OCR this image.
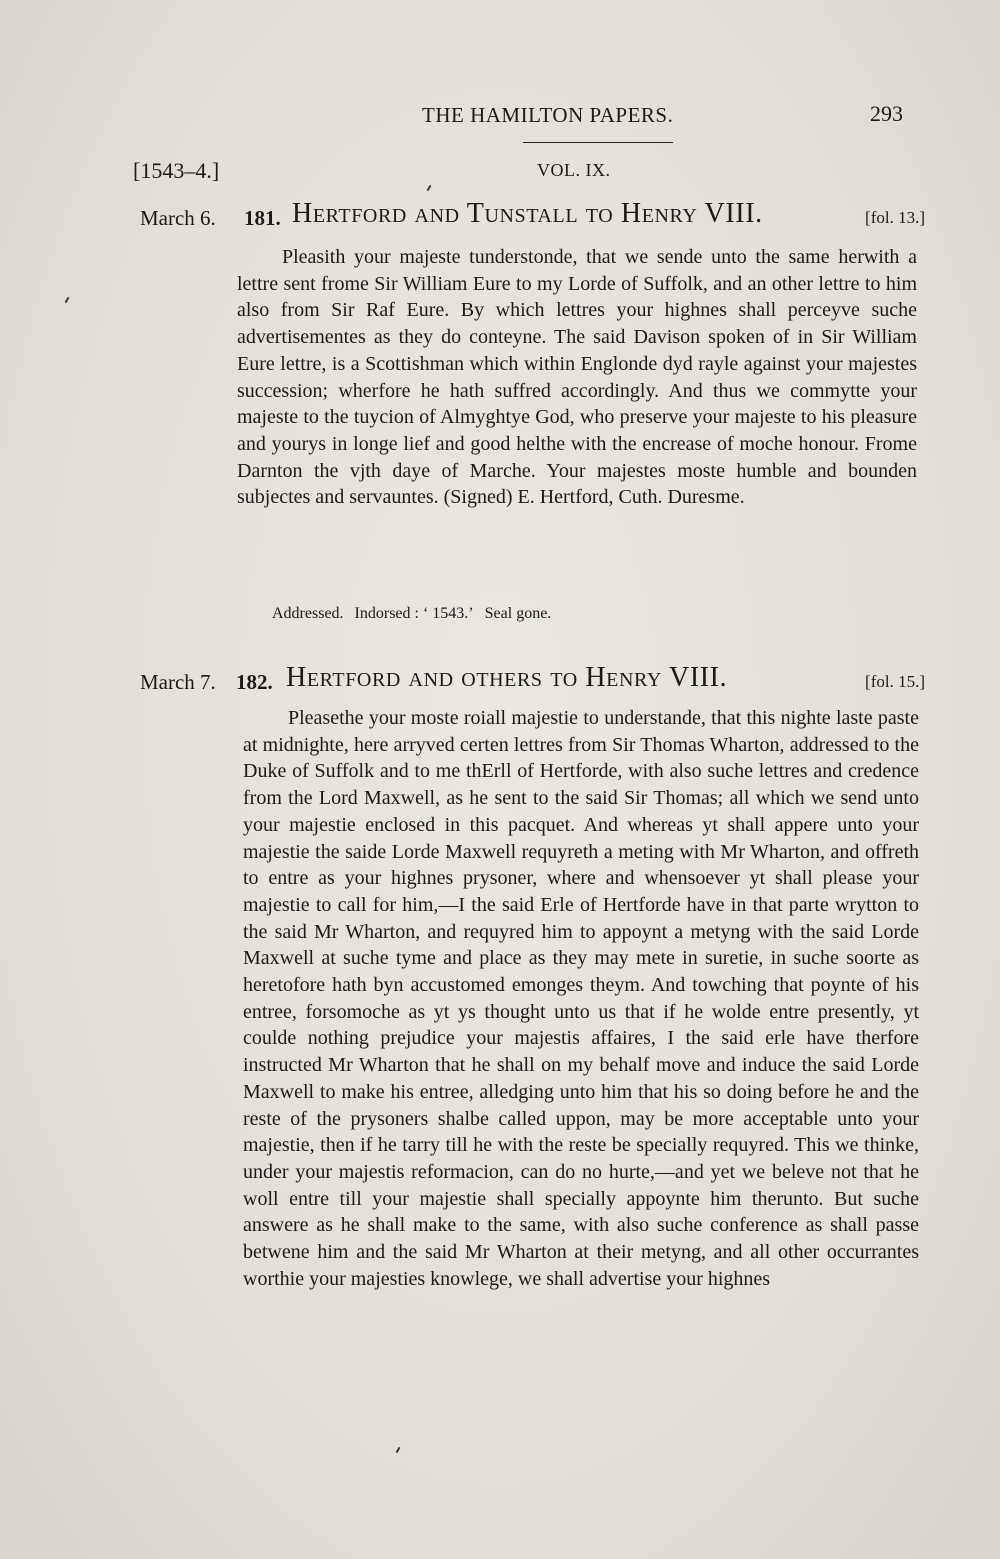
THE HAMILTON PAPERS.	293
[1543–4.]	VOL. IX.
March 6. 181. Hertford and Tunstall to Henry VIII.	[fol. 13.]

Pleasith your majeste tunderstonde, that we sende unto the same herwith a lettre sent frome Sir William Eure to my Lorde of Suffolk, and an other lettre to him also from Sir Raf Eure. By which lettres your highnes shall perceyve suche advertisementes as they do conteyne. The said Davison spoken of in Sir William Eure lettre, is a Scottishman which within Englonde dyd rayle against your majestes succession; wherfore he hath suffred accordingly. And thus we commytte your majeste to the tuycion of Almyghtye God, who preserve your majeste to his pleasure and yourys in longe lief and good helthe with the encrease of moche honour. Frome Darnton the vjth daye of Marche. Your majestes moste humble and bounden subjectes and servauntes. (Signed) E. Hertford, Cuth. Duresme.

Addressed. Indorsed : ‘ 1543.’ Seal gone.
March 7. 182. Hertford and others to Henry VIII.	[fol. 15.]

Pleasethe your moste roiall majestie to understande, that this nighte laste paste at midnighte, here arryved certen lettres from Sir Thomas Wharton, addressed to the Duke of Suffolk and to me thErll of Hertforde, with also suche lettres and credence from the Lord Maxwell, as he sent to the said Sir Thomas; all which we send unto your majestie enclosed in this pacquet. And whereas yt shall appere unto your majestie the saide Lorde Maxwell requyreth a meting with Mr Wharton, and offreth to entre as your highnes prysoner, where and whensoever yt shall please your majestie to call for him,—I the said Erle of Hertforde have in that parte wrytton to the said Mr Wharton, and requyred him to appoynt a metyng with the said Lorde Maxwell at suche tyme and place as they may mete in suretie, in suche soorte as heretofore hath byn accustomed emonges theym. And towching that poynte of his entree, forsomoche as yt ys thought unto us that if he wolde entre presently, yt coulde nothing prejudice your majestis affaires, I the said erle have therfore instructed Mr Wharton that he shall on my behalf move and induce the said Lorde Maxwell to make his entree, alledging unto him that his so doing before he and the reste of the prysoners shalbe called uppon, may be more acceptable unto your majestie, then if he tarry till he with the reste be specially requyred. This we thinke, under your majestis reformacion, can do no hurte,—and yet we beleve not that he woll entre till your majestie shall specially appoynte him therunto. But suche answere as he shall make to the same, with also suche conference as shall passe betwene him and the said Mr Wharton at their metyng, and all other occurrantes worthie your majesties knowlege, we shall advertise your highnes
